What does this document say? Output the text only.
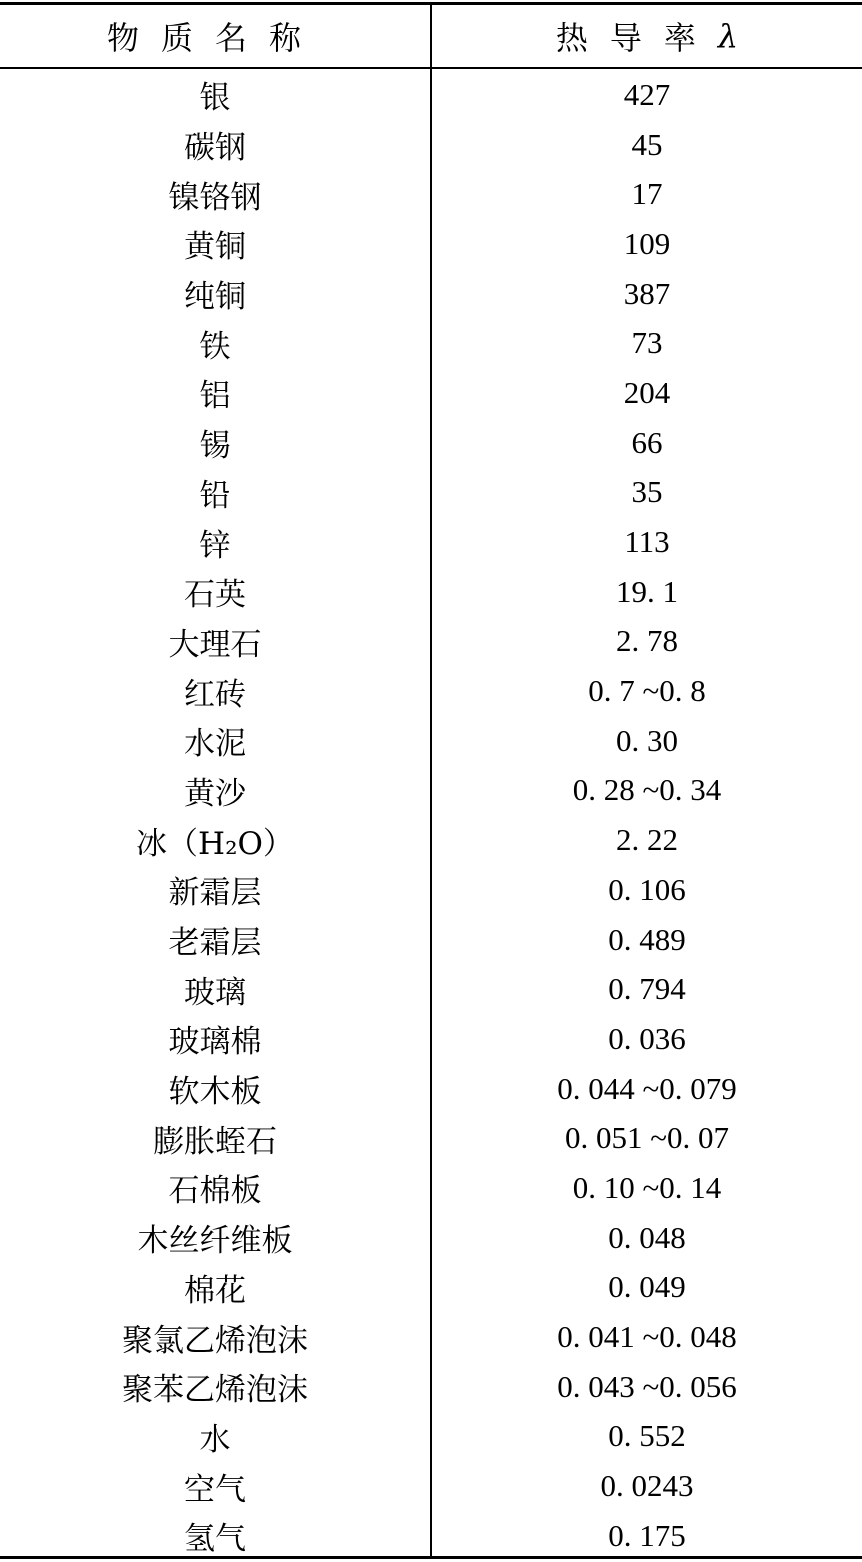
物质名称	热导率 λ
银	427
碳钢	45
镍铬钢	17
黄铜	109
纯铜	387
铁	73
铝	204
锡	66
铅	35
锌	113
石英	19. 1
大理石	2. 78
红砖	0. 7 ~0. 8
水泥	0. 30
黄沙	0. 28 ~0. 34
冰（H₂O）	2. 22
新霜层	0. 106
老霜层	0. 489
玻璃	0. 794
玻璃棉	0. 036
软木板	0. 044 ~0. 079
膨胀蛭石	0. 051 ~0. 07
石棉板	0. 10 ~0. 14
木丝纤维板	0. 048
棉花	0. 049
聚氯乙烯泡沫	0. 041 ~0. 048
聚苯乙烯泡沫	0. 043 ~0. 056
水	0. 552
空气	0. 0243
氢气	0. 175
